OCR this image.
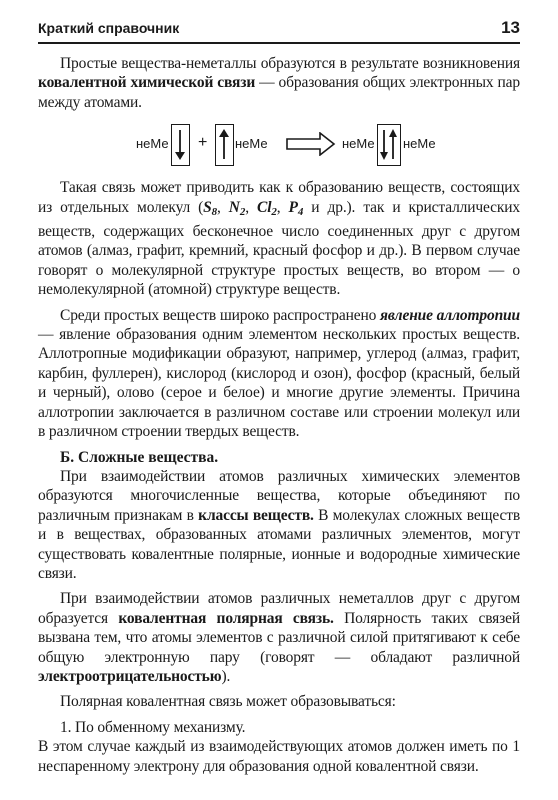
Краткий справочник	13

Простые вещества-неметаллы образуются в результате возникновения ковалентной химической связи — образования общих электронных пар между атомами.

неМе + неМе	неМе неМе

Такая связь может приводить как к образованию веществ, состоящих из отдельных молекул ($S_8$, $N_2$, $Cl_2$, $P_4$ и др.). так и кристаллических веществ, содержащих бесконечное число соединенных друг с другом атомов (алмаз, графит, кремний, красный фосфор и др.). В первом случае говорят о молекулярной структуре простых веществ, во втором — о немолекулярной (атомной) структуре веществ.

Среди простых веществ широко распространено явление аллотропии — явление образования одним элементом нескольких простых веществ. Аллотропные модификации образуют, например, углерод (алмаз, графит, карбин, фуллерен), кислород (кислород и озон), фосфор (красный, белый и черный), олово (серое и белое) и многие другие элементы. Причина аллотропии заключается в различном составе или строении молекул или в различном строении твердых веществ.

Б. Сложные вещества.

При взаимодействии атомов различных химических элементов образуются многочисленные вещества, которые объединяют по различным признакам в классы веществ. В молекулах сложных веществ и в веществах, образованных атомами различных элементов, могут существовать ковалентные полярные, ионные и водородные химические связи.

При взаимодействии атомов различных неметаллов друг с другом образуется ковалентная полярная связь. Полярность таких связей вызвана тем, что атомы элементов с различной силой притягивают к себе общую электронную пару (говорят — обладают различной электроотрицательностью).

Полярная ковалентная связь может образовываться:

1. По обменному механизму.

В этом случае каждый из взаимодействующих атомов должен иметь по 1 неспаренному электрону для образования одной ковалентной связи.
